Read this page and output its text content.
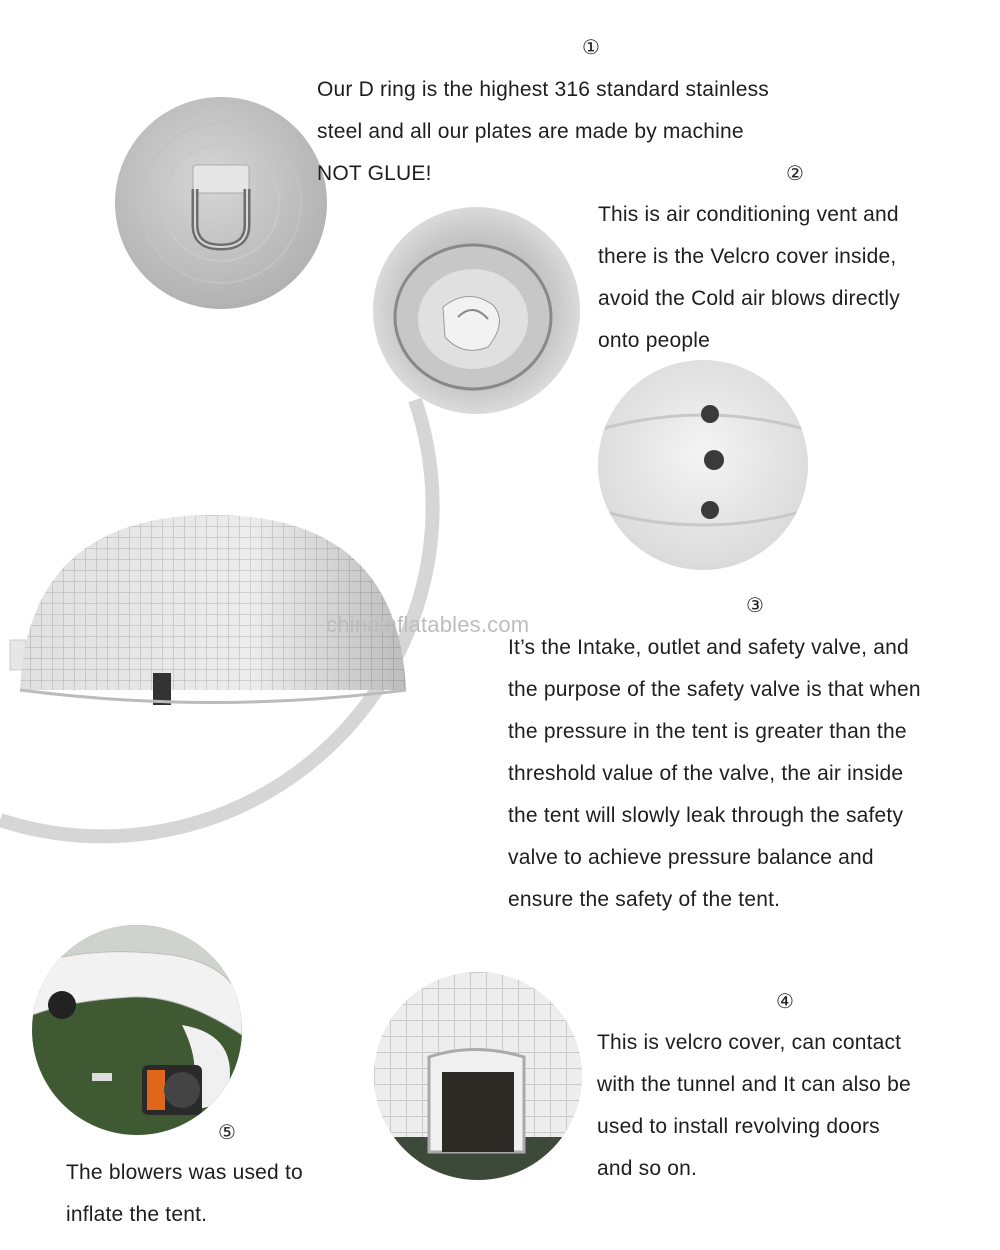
chinainflatables.com
①
Our D ring is the highest 316 standard stainless
steel and all our plates are made by machine
NOT GLUE!	②
This is air conditioning vent and
there is the Velcro cover inside,
avoid the Cold air blows directly
onto people
③
It’s the Intake, outlet and safety valve, and
the purpose of the safety valve is that when
the pressure in the tent is greater than the
threshold value of the valve, the air inside
the tent will slowly leak through the safety
valve to achieve pressure balance and
ensure the safety of the tent.
④
This is velcro cover, can contact
with the tunnel and It can also be
used to install revolving doors
and so on.
⑤
The blowers was used to
inflate the tent.
